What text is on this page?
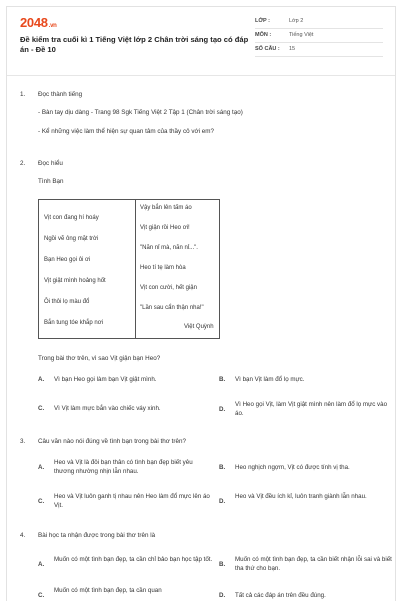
2048.vn
Đề kiểm tra cuối kì 1 Tiếng Việt lớp 2 Chân trời sáng tạo có đáp án - Đề 10
LỚP :	Lớp 2
MÔN :	Tiếng Việt
SỐ CÂU : 15
1. Đọc thành tiếng
- Bàn tay dịu dàng - Trang 98 Sgk Tiếng Việt 2 Tập 1 (Chân trời sáng tạo)
- Kể những việc làm thể hiện sự quan tâm của thầy cô với em?
2. Đọc hiểu
Tình Bạn
Vịt con đang hí hoáy
Ngồi vẽ ông mặt trời
Bạn Heo gọi ôi ơi
Vịt giật mình hoảng hốt
Ôi thôi lọ màu đổ
Bắn tung tóe khắp nơi
Vậy bắn lên tấm áo
Vịt giận rồi Heo ơi!
"Năn nỉ mà, năn nỉ...".
Heo tí tẹ làm hòa
Vịt con cười, hết giận
"Lần sau cẩn thận nha!"
Việt Quỳnh
Trong bài thơ trên, vì sao Vịt giận bạn Heo?
A. Vì bạn Heo gọi làm bạn Vịt giật mình.	B. Vì bạn Vịt làm đổ lọ mực.
C. Vì Vịt làm mực bắn vào chiếc váy xinh.	D.
Vì Heo gọi Vịt, làm Vịt giật mình nên làm đổ lọ mực vào áo.
3. Câu văn nào nói đúng về tình bạn trong bài thơ trên?
A.
Heo và Vịt là đôi bạn thân có tình bạn đẹp biết yêu thương nhường nhịn lẫn nhau.
B. Heo nghịch ngợm, Vịt có được tính vị tha.
C.
Heo và Vịt luôn ganh tị nhau nên Heo làm đổ mực lên áo Vịt.
D.
Heo và Vịt đều ích kỉ, luôn tranh giành lẫn nhau.
4. Bài học ta nhận được trong bài thơ trên là
A.
Muốn có một tình bạn đẹp, ta cần chỉ bảo bạn học tập tốt.
B.
Muốn có một tình bạn đẹp, ta cần biết nhận lỗi sai và biết tha thứ cho bạn.
C.
Muốn có một tình bạn đẹp, ta cần quan
D. Tất cả các đáp án trên đều đúng.
